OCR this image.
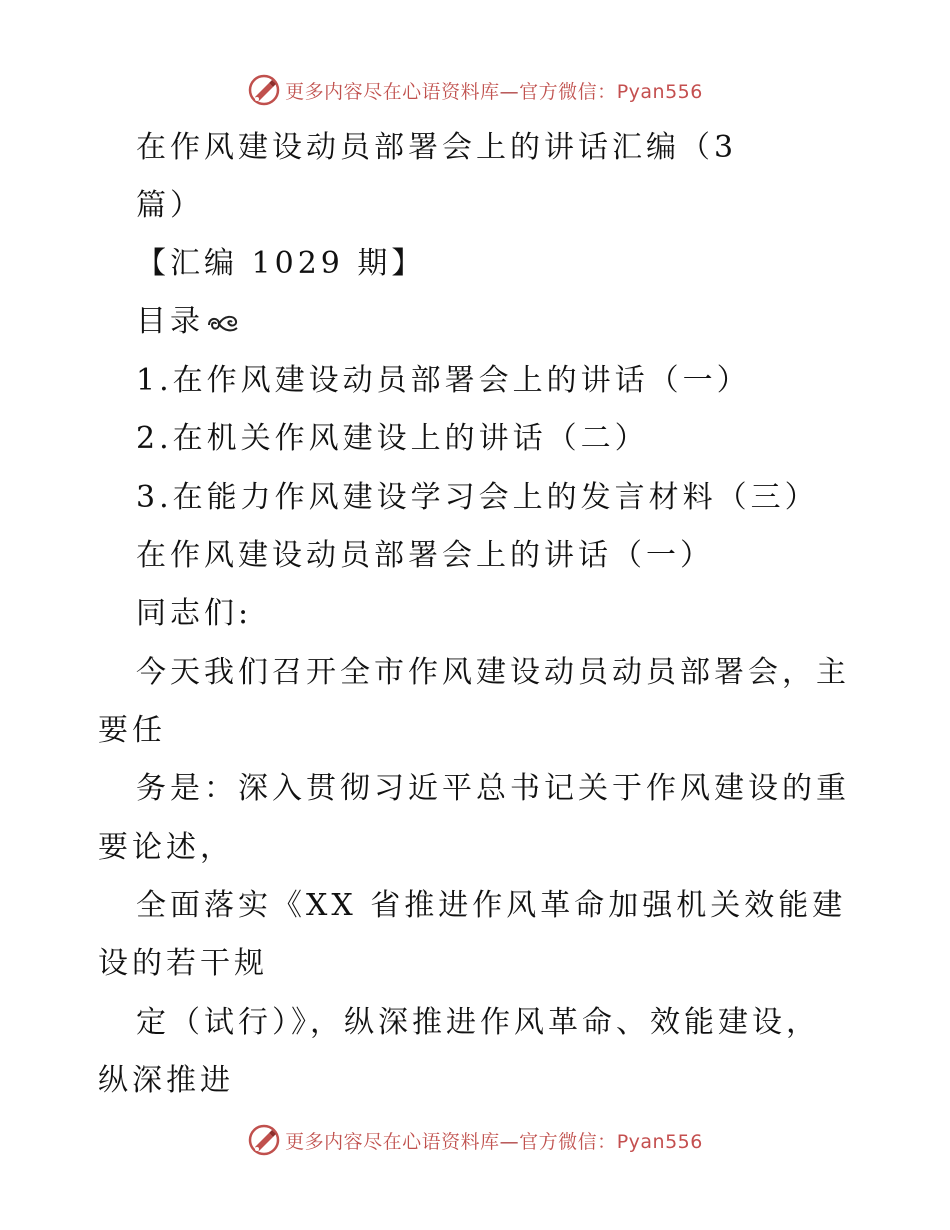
更多内容尽在心语资料库—官方微信：Pyan556
在作风建设动员部署会上的讲话汇编（3
篇）
【汇编 1029 期】
目录
1.在作风建设动员部署会上的讲话（一）
2.在机关作风建设上的讲话（二）
3.在能力作风建设学习会上的发言材料（三）
在作风建设动员部署会上的讲话（一）
同志们:
今天我们召开全市作风建设动员动员部署会，主
要任
务是：深入贯彻习近平总书记关于作风建设的重
要论述，
全面落实《XX 省推进作风革命加强机关效能建
设的若干规
定（试行）》，纵深推进作风革命、效能建设，
纵深推进
更多内容尽在心语资料库—官方微信：Pyan556
